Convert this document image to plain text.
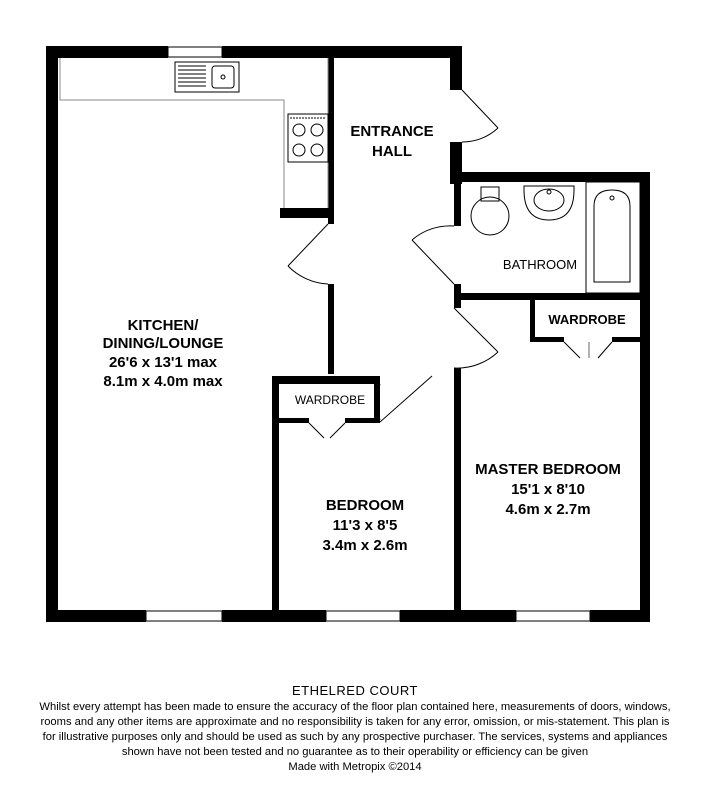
KITCHEN/
DINING/LOUNGE
26'6 x 13'1 max
8.1m x 4.0m max
ENTRANCE
HALL
BATHROOM
WARDROBE
WARDROBE
MASTER BEDROOM
15'1 x 8'10
4.6m x 2.7m
BEDROOM
11'3 x 8'5
3.4m x 2.6m
ETHELRED COURT
Whilst every attempt has been made to ensure the accuracy of the floor plan contained here, measurements of doors, windows, rooms and any other items are approximate and no responsibility is taken for any error, omission, or mis-statement. This plan is for illustrative purposes only and should be used as such by any prospective purchaser. The services, systems and appliances shown have not been tested and no guarantee as to their operability or efficiency can be given
Made with Metropix ©2014
